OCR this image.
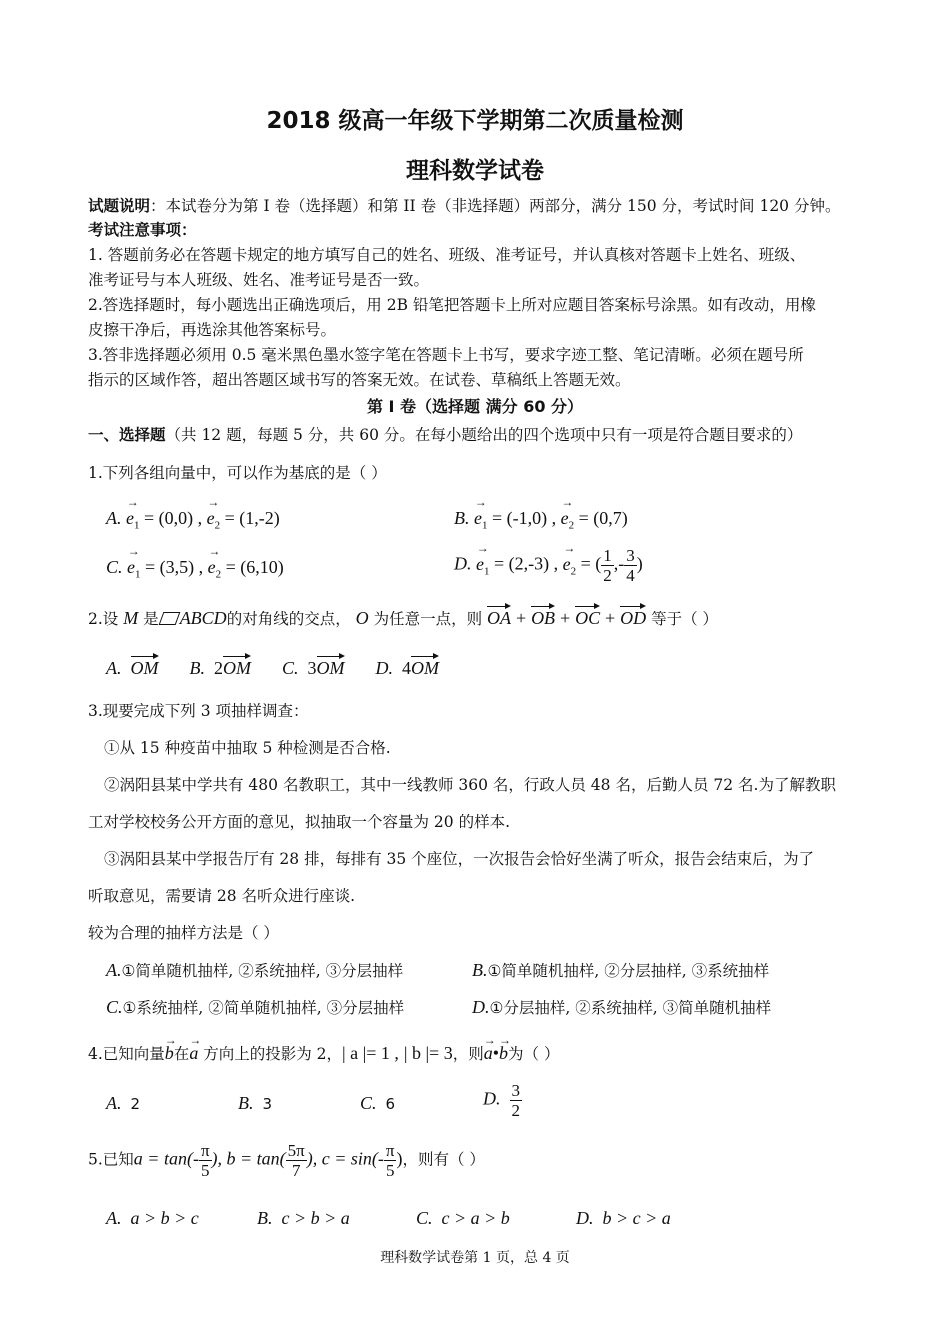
2018 级高一年级下学期第二次质量检测
理科数学试卷
试题说明：本试卷分为第 I 卷（选择题）和第 II 卷（非选择题）两部分，满分 150 分，考试时间 120 分钟。
考试注意事项：
1. 答题前务必在答题卡规定的地方填写自己的姓名、班级、准考证号，并认真核对答题卡上姓名、班级、
准考证号与本人班级、姓名、准考证号是否一致。
2.答选择题时，每小题选出正确选项后，用 2B 铅笔把答题卡上所对应题目答案标号涂黑。如有改动，用橡
皮擦干净后，再选涂其他答案标号。
3.答非选择题必须用 0.5 毫米黑色墨水签字笔在答题卡上书写，要求字迹工整、笔记清晰。必须在题号所
指示的区域作答，超出答题区域书写的答案无效。在试卷、草稿纸上答题无效。
第 I 卷（选择题 满分 60 分）
一、选择题（共 12 题，每题 5 分，共 60 分。在每小题给出的四个选项中只有一项是符合题目要求的）
1.下列各组向量中，可以作为基底的是（ ）
A. → $e_1 = (0,0)$ , → $e_2 = (1,-2)$	B. → $e_1 = (-1,0)$ , → $e_2 = (0,7)$
C. → $e_1 = (3,5)$ , → $e_2 = (6,10)$	D. → $e_1 = (2,-3)$ , → $e_2$ = ( $\frac{1}{2}$ ,- $\frac{3}{4}$ )
2.设 M 是 ABCD的对角线的交点， O 为任意一点，则 OA + OB + OC + OD 等于（ ）
A. OM B. 2OM C. 3OM D. 4OM
3.现要完成下列 3 项抽样调查：
①从 15 种疫苗中抽取 5 种检测是否合格.
②涡阳县某中学共有 480 名教职工，其中一线教师 360 名，行政人员 48 名，后勤人员 72 名.为了解教职
工对学校校务公开方面的意见，拟抽取一个容量为 20 的样本.
③涡阳县某中学报告厅有 28 排，每排有 35 个座位，一次报告会恰好坐满了听众，报告会结束后，为了
听取意见，需要请 28 名听众进行座谈.
较为合理的抽样方法是（ ）
A.①简单随机抽样, ②系统抽样, ③分层抽样	B.①简单随机抽样, ②分层抽样, ③系统抽样
C.①系统抽样, ②简单随机抽样, ③分层抽样	D.①分层抽样, ②系统抽样, ③简单随机抽样
4.已知向量→ b在→ a 方向上的投影为 2，| a |= 1 , | b |= 3，则→ a•→ b为（ ）
A. 2	B. 3	C. 6	D. $\frac{3}{2}$
5.已知$a = \tan(- \frac{\pi}{5}$ ), $b = \tan( \frac{5\pi}{7}$ ), $c = \sin(- \frac{\pi}{5}$ )，则有（ ）
A. a > b > c	B. c > b > a	C. c > a > b	D. b > c > a
理科数学试卷第 1 页，总 4 页
